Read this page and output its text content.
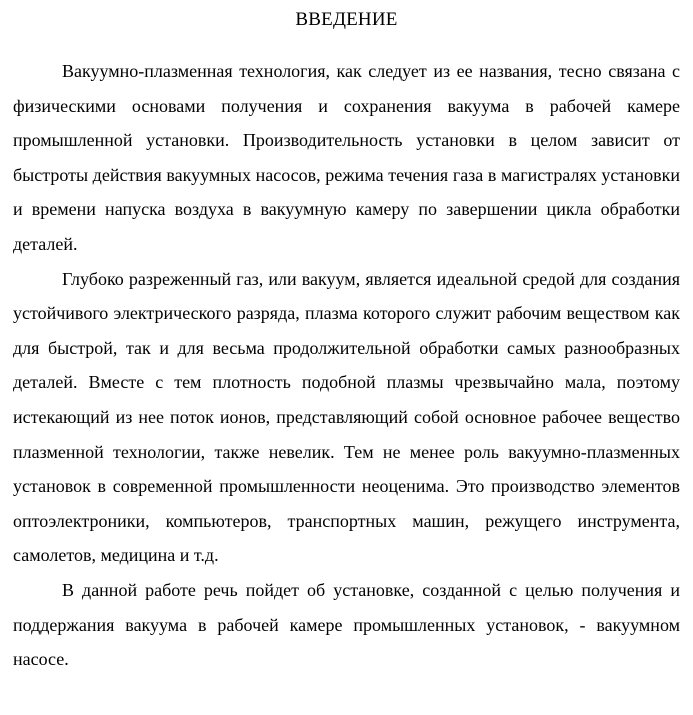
ВВЕДЕНИЕ

Вакуумно-плазменная технология, как следует из ее названия, тесно связана с физическими основами получения и сохранения вакуума в рабочей камере промышленной установки. Производительность установки в целом зависит от быстроты действия вакуумных насосов, режима течения газа в магистралях установки и времени напуска воздуха в вакуумную камеру по завершении цикла обработки деталей.

Глубоко разреженный газ, или вакуум, является идеальной средой для создания устойчивого электрического разряда, плазма которого служит рабочим веществом как для быстрой, так и для весьма продолжительной обработки самых разнообразных деталей. Вместе с тем плотность подобной плазмы чрезвычайно мала, поэтому истекающий из нее поток ионов, представляющий собой основное рабочее вещество плазменной технологии, также невелик. Тем не менее роль вакуумно-плазменных установок в современной промышленности неоценима. Это производство элементов оптоэлектроники, компьютеров, транспортных машин, режущего инструмента, самолетов, медицина и т.д.

В данной работе речь пойдет об установке, созданной с целью получения и поддержания вакуума в рабочей камере промышленных установок, - вакуумном насосе.
